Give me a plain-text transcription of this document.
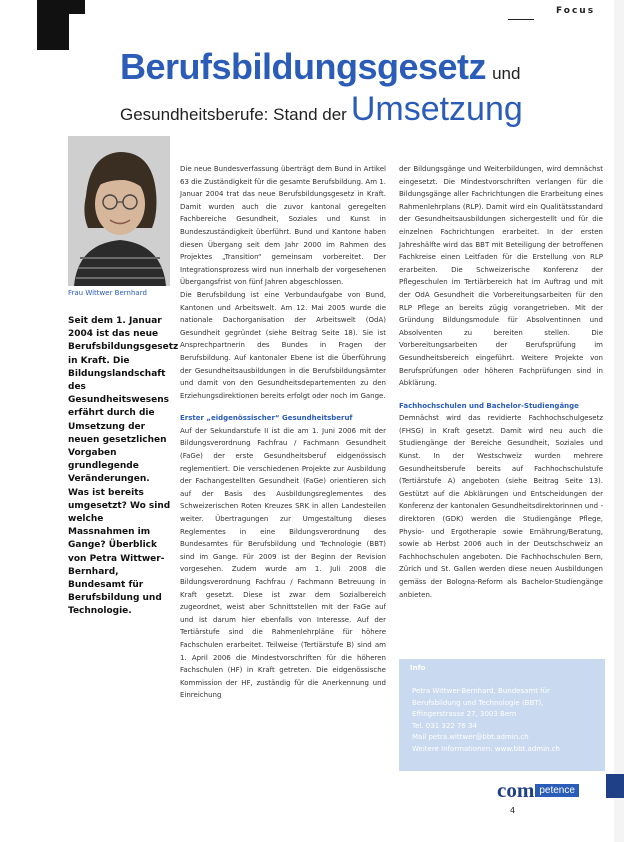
Focus
Berufsbildungsgesetz und
Gesundheitsberufe: Stand der Umsetzung
Frau Wittwer Bernhard
Seit dem 1. Januar 2004 ist das neue Berufsbildungsgesetz in Kraft. Die Bildungslandschaft des Gesundheitswesens erfährt durch die Umsetzung der neuen gesetzlichen Vorgaben grundlegende Veränderungen. Was ist bereits umgesetzt? Wo sind welche Massnahmen im Gange? Überblick von Petra Wittwer-Bernhard, Bundesamt für Berufsbildung und Technologie.

Die neue Bundesverfassung überträgt dem Bund in Artikel 63 die Zuständigkeit für die gesamte Berufsbildung. Am 1. Januar 2004 trat das neue Berufsbildungsgesetz in Kraft. Damit wurden auch die zuvor kantonal geregelten Fachbereiche Gesundheit, Soziales und Kunst in Bundeszuständigkeit überführt. Bund und Kantone haben diesen Übergang seit dem Jahr 2000 im Rahmen des Projektes „Transition“ gemeinsam vorbereitet. Der Integrationsprozess wird nun innerhalb der vorgesehenen Übergangsfrist von fünf Jahren abgeschlossen.

Die Berufsbildung ist eine Verbundaufgabe von Bund, Kantonen und Arbeitswelt. Am 12. Mai 2005 wurde die nationale Dachorganisation der Arbeitswelt (OdA) Gesundheit gegründet (siehe Beitrag Seite 18). Sie ist Ansprechpartnerin des Bundes in Fragen der Berufsbildung. Auf kantonaler Ebene ist die Überführung der Gesundheitsausbildungen in die Berufsbildungsämter und damit von den Gesundheitsdepartementen zu den Erziehungsdirektionen bereits erfolgt oder noch im Gange.

Erster „eidgenössischer“ Gesundheitsberuf

Auf der Sekundarstufe II ist die am 1. Juni 2006 mit der Bildungsverordnung Fachfrau / Fachmann Gesundheit (FaGe) der erste Gesundheitsberuf eidgenössisch reglementiert. Die verschiedenen Projekte zur Ausbildung der Fachangestellten Gesundheit (FaGe) orientieren sich auf der Basis des Ausbildungsreglementes des Schweizerischen Roten Kreuzes SRK in allen Landesteilen weiter. Übertragungen zur Umgestaltung dieses Reglementes in eine Bildungsverordnung des Bundesamtes für Berufsbildung und Technologie (BBT) sind im Gange. Für 2009 ist der Beginn der Revision vorgesehen. Zudem wurde am 1. Juli 2008 die Bildungsverordnung Fachfrau / Fachmann Betreuung in Kraft gesetzt. Diese ist zwar dem Sozialbereich zugeordnet, weist aber Schnittstellen mit der FaGe auf und ist darum hier ebenfalls von Interesse. Auf der Tertiärstufe sind die Rahmenlehrpläne für höhere Fachschulen erarbeitet. Teilweise (Tertiärstufe B) sind am 1. April 2006 die Mindestvorschriften für die höheren Fachschulen (HF) in Kraft getreten. Die eidgenössische Kommission der HF, zuständig für die Anerkennung und Einreichung

der Bildungsgänge und Weiterbildungen, wird demnächst eingesetzt. Die Mindestvorschriften verlangen für die Bildungsgänge aller Fachrichtungen die Erarbeitung eines Rahmenlehrplans (RLP). Damit wird ein Qualitätsstandard der Gesundheitsausbildungen sichergestellt und für die einzelnen Fachrichtungen erarbeitet. In der ersten Jahreshälfte wird das BBT mit Beteiligung der betroffenen Fachkreise einen Leitfaden für die Erstellung von RLP erarbeiten. Die Schweizerische Konferenz der Pflegeschulen im Tertiärbereich hat im Auftrag und mit der OdA Gesundheit die Vorbereitungsarbeiten für den RLP Pflege an bereits zügig vorangetrieben. Mit der Gründung Bildungsmodule für Absolventinnen und Absolventen zu bereiten stellen. Die Vorbereitungsarbeiten der Berufsprüfung im Gesundheitsbereich eingeführt. Weitere Projekte von Berufsprüfungen oder höheren Fachprüfungen sind in Abklärung.

Fachhochschulen und Bachelor-Studiengänge

Demnächst wird das revidierte Fachhochschulgesetz (FHSG) in Kraft gesetzt. Damit wird neu auch die Studiengänge der Bereiche Gesundheit, Soziales und Kunst. In der Westschweiz wurden mehrere Gesundheitsberufe bereits auf Fachhochschulstufe (Tertiärstufe A) angeboten (siehe Beitrag Seite 13). Gestützt auf die Abklärungen und Entscheidungen der Konferenz der kantonalen Gesundheitsdirektorinnen und -direktoren (GDK) werden die Studiengänge Pflege, Physio- und Ergotherapie sowie Ernährung/Beratung, sowie ab Herbst 2006 auch in der Deutschschweiz an Fachhochschulen angeboten. Die Fachhochschulen Bern, Zürich und St. Gallen werden diese neuen Ausbildungen gemäss der Bologna-Reform als Bachelor-Studiengänge anbieten.

Info
Petra Wittwer-Bernhard, Bundesamt für
Berufsbildung und Technologie (BBT),
Effingerstrasse 27, 3003 Bern
Tel. 031 322 76 34
Mail petra.wittwer@bbt.admin.ch
Weitere Informationen: www.bbt.admin.ch
com petence
4
